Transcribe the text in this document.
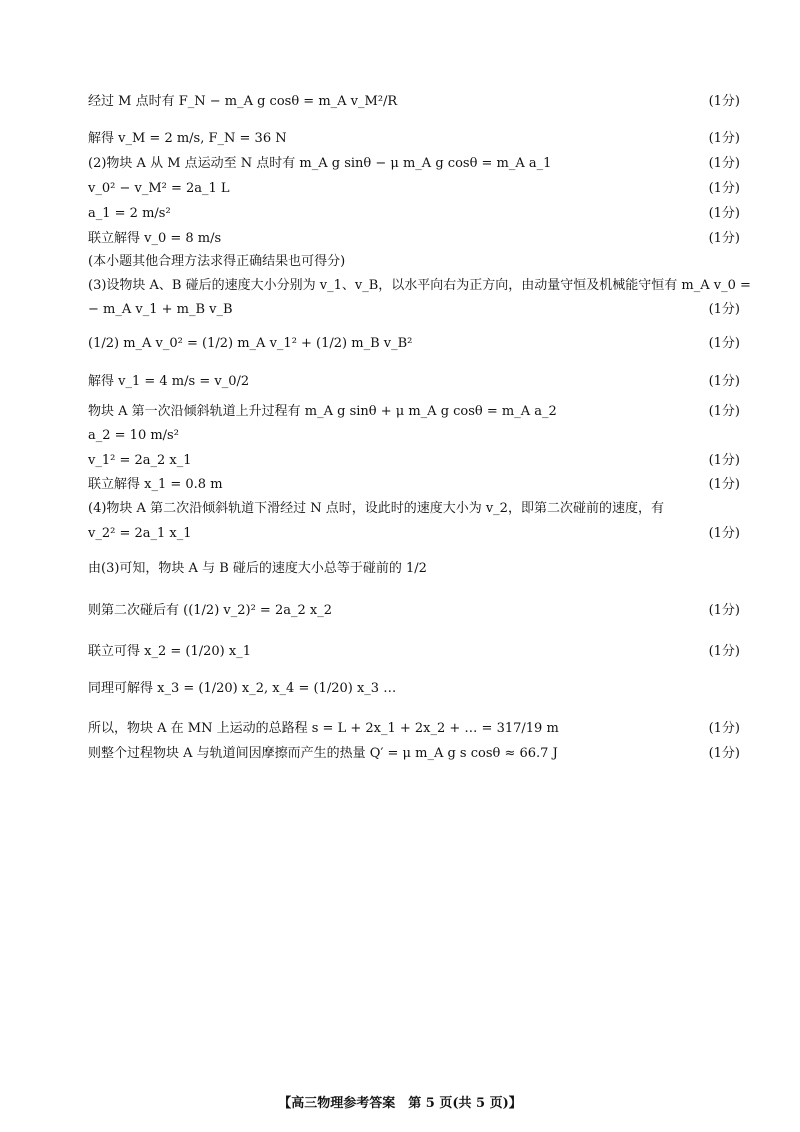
经过 M 点时有 F_N − m_A g cosθ = m_A v_M²/R	(1分)
解得 v_M = 2 m/s, F_N = 36 N	(1分)
(2)物块 A 从 M 点运动至 N 点时有 m_A g sinθ − μ m_A g cosθ = m_A a_1	(1分)
v_0² − v_M² = 2a_1 L	(1分)
a_1 = 2 m/s²	(1分)
联立解得 v_0 = 8 m/s	(1分)
(本小题其他合理方法求得正确结果也可得分)
(3)设物块 A、B 碰后的速度大小分别为 v_1、v_B，以水平向右为正方向，由动量守恒及机械能守恒有 m_A v_0 =
− m_A v_1 + m_B v_B	(1分)
(1/2) m_A v_0² = (1/2) m_A v_1² + (1/2) m_B v_B²	(1分)
解得 v_1 = 4 m/s = v_0/2	(1分)
物块 A 第一次沿倾斜轨道上升过程有 m_A g sinθ + μ m_A g cosθ = m_A a_2	(1分)
a_2 = 10 m/s²
v_1² = 2a_2 x_1	(1分)
联立解得 x_1 = 0.8 m	(1分)
(4)物块 A 第二次沿倾斜轨道下滑经过 N 点时，设此时的速度大小为 v_2，即第二次碰前的速度，有
v_2² = 2a_1 x_1	(1分)
由(3)可知，物块 A 与 B 碰后的速度大小总等于碰前的 1/2
则第二次碰后有 ((1/2) v_2)² = 2a_2 x_2	(1分)
联立可得 x_2 = (1/20) x_1	(1分)
同理可解得 x_3 = (1/20) x_2, x_4 = (1/20) x_3 …
所以，物块 A 在 MN 上运动的总路程 s = L + 2x_1 + 2x_2 + … = 317/19 m	(1分)
则整个过程物块 A 与轨道间因摩擦而产生的热量 Q′ = μ m_A g s cosθ ≈ 66.7 J	(1分)
【高三物理参考答案　第 5 页(共 5 页)】
